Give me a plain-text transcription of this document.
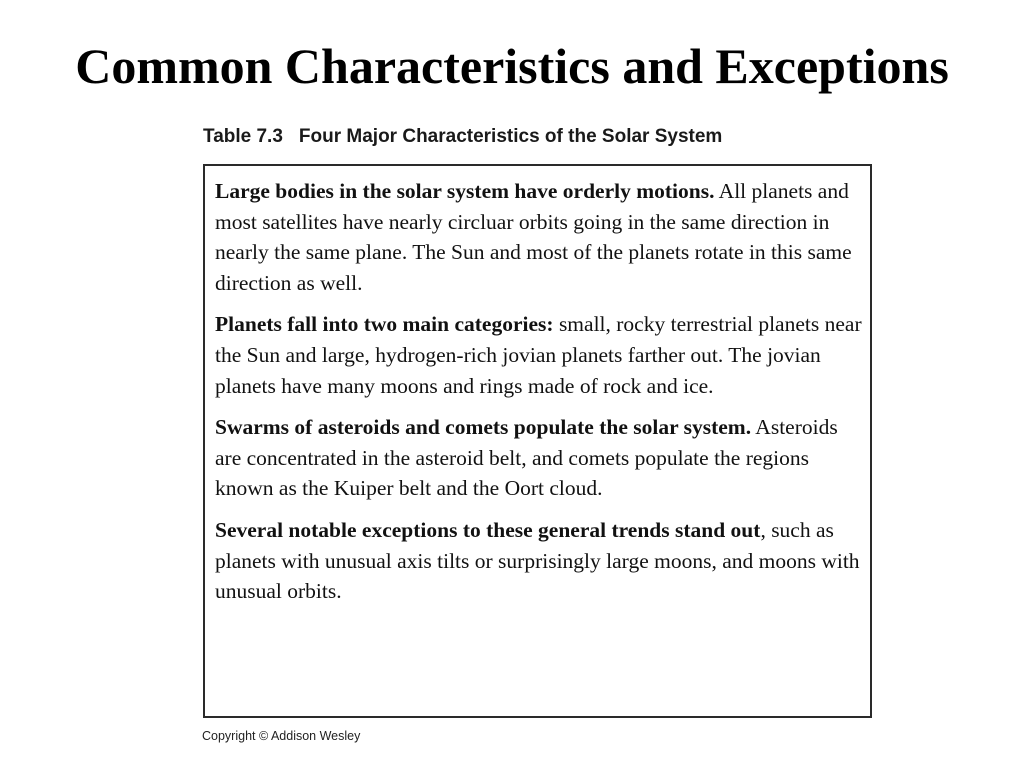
Common Characteristics and Exceptions
Table 7.3 Four Major Characteristics of the Solar System

Large bodies in the solar system have orderly motions. All planets and most satellites have nearly circluar orbits going in the same direction in nearly the same plane. The Sun and most of the planets rotate in this same direction as well.

Planets fall into two main categories: small, rocky terrestrial planets near the Sun and large, hydrogen-rich jovian planets farther out. The jovian planets have many moons and rings made of rock and ice.

Swarms of asteroids and comets populate the solar system. Asteroids are concentrated in the asteroid belt, and comets populate the regions known as the Kuiper belt and the Oort cloud.

Several notable exceptions to these general trends stand out, such as planets with unusual axis tilts or surprisingly large moons, and moons with unusual orbits.

Copyright © Addison Wesley
